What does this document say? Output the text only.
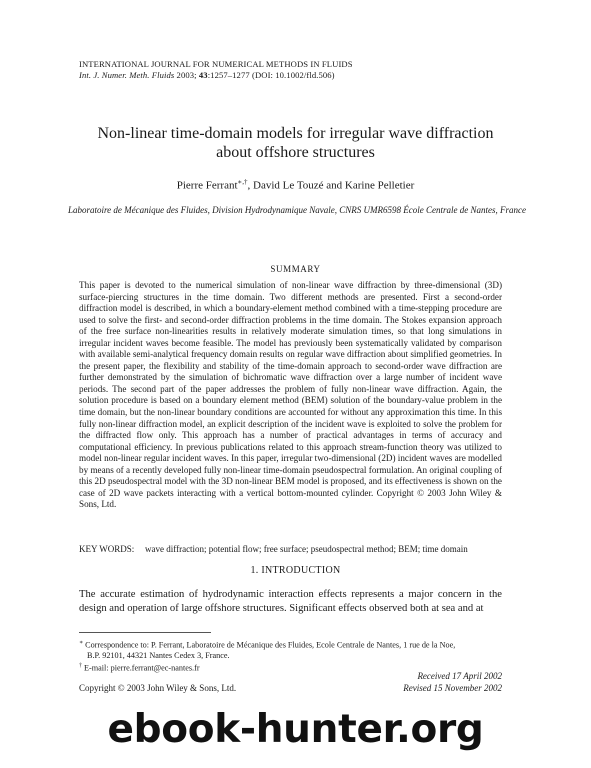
INTERNATIONAL JOURNAL FOR NUMERICAL METHODS IN FLUIDS
Int. J. Numer. Meth. Fluids 2003; 43:1257–1277 (DOI: 10.1002/fld.506)
Non-linear time-domain models for irregular wave diffraction
about offshore structures
Pierre Ferrant∗,†, David Le Touzé and Karine Pelletier
Laboratoire de Mécanique des Fluides, Division Hydrodynamique Navale, CNRS UMR6598 École Centrale de Nantes, France
SUMMARY
This paper is devoted to the numerical simulation of non-linear wave diffraction by three-dimensional (3D) surface-piercing structures in the time domain. Two different methods are presented. First a second-order diffraction model is described, in which a boundary-element method combined with a time-stepping procedure are used to solve the first- and second-order diffraction problems in the time domain. The Stokes expansion approach of the free surface non-linearities results in relatively moderate simulation times, so that long simulations in irregular incident waves become feasible. The model has previously been systematically validated by comparison with available semi-analytical frequency domain results on regular wave diffraction about simplified geometries. In the present paper, the flexibility and stability of the time-domain approach to second-order wave diffraction are further demonstrated by the simulation of bichromatic wave diffraction over a large number of incident wave periods. The second part of the paper addresses the problem of fully non-linear wave diffraction. Again, the solution procedure is based on a boundary element method (BEM) solution of the boundary-value problem in the time domain, but the non-linear boundary conditions are accounted for without any approximation this time. In this fully non-linear diffraction model, an explicit description of the incident wave is exploited to solve the problem for the diffracted flow only. This approach has a number of practical advantages in terms of accuracy and computational efficiency. In previous publications related to this approach stream-function theory was utilized to model non-linear regular incident waves. In this paper, irregular two-dimensional (2D) incident waves are modelled by means of a recently developed fully non-linear time-domain pseudospectral formulation. An original coupling of this 2D pseudospectral model with the 3D non-linear BEM model is proposed, and its effectiveness is shown on the case of 2D wave packets interacting with a vertical bottom-mounted cylinder. Copyright © 2003 John Wiley & Sons, Ltd.
KEY WORDS:	wave diffraction; potential flow; free surface; pseudospectral method; BEM; time domain
1. INTRODUCTION
The accurate estimation of hydrodynamic interaction effects represents a major concern in the design and operation of large offshore structures. Significant effects observed both at sea and at
∗ Correspondence to: P. Ferrant, Laboratoire de Mécanique des Fluides, Ecole Centrale de Nantes, 1 rue de la Noe,
B.P. 92101, 44321 Nantes Cedex 3, France.
† E-mail: pierre.ferrant@ec-nantes.fr
Received 17 April 2002
Revised 15 November 2002
Copyright © 2003 John Wiley & Sons, Ltd.
ebook-hunter.org
